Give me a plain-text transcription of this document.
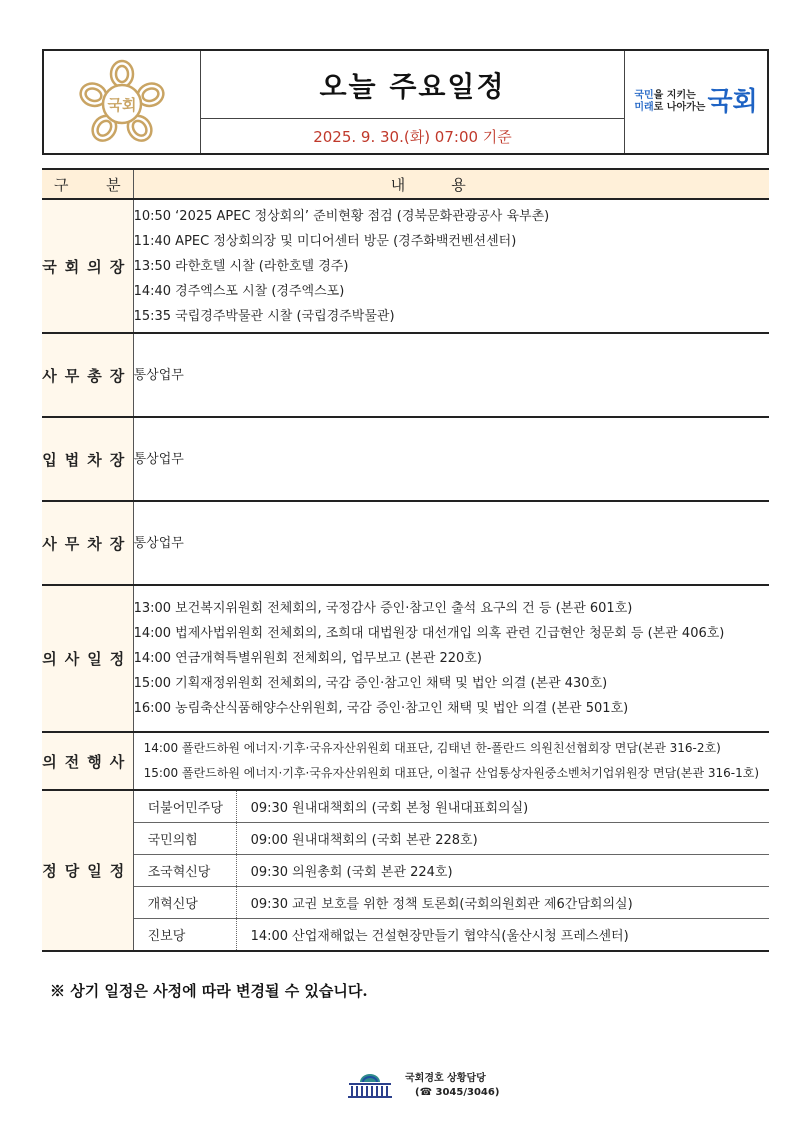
국회
오늘 주요일정
2025. 9. 30.(화) 07:00 기준
국민을 지키는
미래로 나아가는 국회
구	분	내용
국회의장	
10:50 ‘2025 APEC 정상회의’ 준비현황 점검 (경북문화관광공사 육부촌)
11:40 APEC 정상회의장 및 미디어센터 방문 (경주화백컨벤션센터)
13:50 라한호텔 시찰 (라한호텔 경주)
14:40 경주엑스포 시찰 (경주엑스포)
15:35 국립경주박물관 시찰 (국립경주박물관)

사무총장	통상업무

입법차장	통상업무

사무차장	통상업무

의사일정	
13:00 보건복지위원회 전체회의, 국정감사 증인·참고인 출석 요구의 건 등 (본관 601호)
14:00 법제사법위원회 전체회의, 조희대 대법원장 대선개입 의혹 관련 긴급현안 청문회 등 (본관 406호)
14:00 연금개혁특별위원회 전체회의, 업무보고 (본관 220호)
15:00 기획재정위원회 전체회의, 국감 증인·참고인 채택 및 법안 의결 (본관 430호)
16:00 농림축산식품해양수산위원회, 국감 증인·참고인 채택 및 법안 의결 (본관 501호)

의전행사	
14:00 폴란드하원 에너지·기후·국유자산위원회 대표단, 김태년 한-폴란드 의원친선협회장 면담(본관 316-2호)
15:00 폴란드하원 에너지·기후·국유자산위원회 대표단, 이철규 산업통상자원중소벤처기업위원장 면담(본관 316-1호)

정당일정	
더불어민주당	09:30 원내대책회의 (국회 본청 원내대표회의실)
국민의힘	09:00 원내대책회의 (국회 본관 228호)
조국혁신당	09:30 의원총회 (국회 본관 224호)
개혁신당	09:30 교권 보호를 위한 정책 토론회(국회의원회관 제6간담회의실)
진보당	14:00 산업재해없는 건설현장만들기 협약식(울산시청 프레스센터)
※ 상기 일정은 사정에 따라 변경될 수 있습니다.
국회경호 상황담당
(☎ 3045/3046)
